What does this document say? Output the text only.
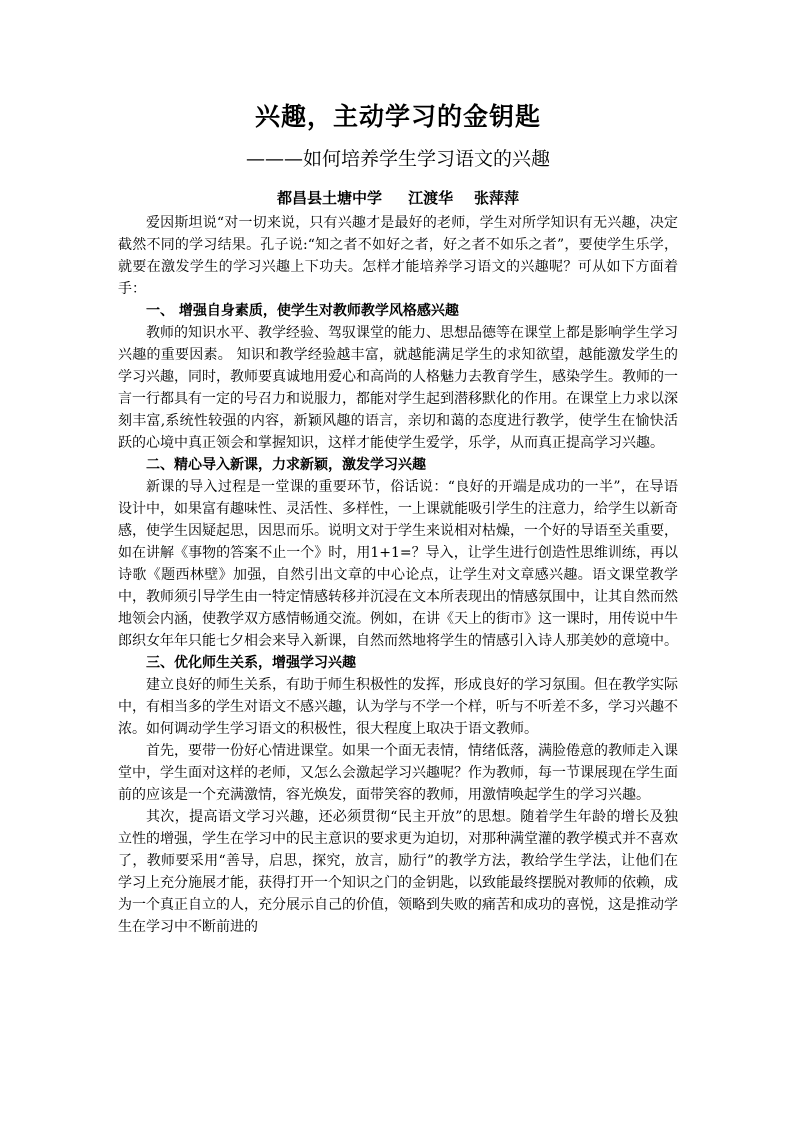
兴趣，主动学习的金钥匙

———如何培养学生学习语文的兴趣

都昌县土塘中学     江渡华    张萍萍

爱因斯坦说“对一切来说，只有兴趣才是最好的老师，学生对所学知识有无兴趣，决定截然不同的学习结果。孔子说:“知之者不如好之者，好之者不如乐之者”，要使学生乐学，就要在激发学生的学习兴趣上下功夫。怎样才能培养学习语文的兴趣呢？可从如下方面着手：

一、 增强自身素质，使学生对教师教学风格感兴趣

教师的知识水平、教学经验、驾驭课堂的能力、思想品德等在课堂上都是影响学生学习兴趣的重要因素。 知识和教学经验越丰富，就越能满足学生的求知欲望，越能激发学生的学习兴趣，同时，教师要真诚地用爱心和高尚的人格魅力去教育学生，感染学生。教师的一言一行都具有一定的号召力和说服力，都能对学生起到潜移默化的作用。在课堂上力求以深刻丰富,系统性较强的内容，新颖风趣的语言，亲切和蔼的态度进行教学，使学生在愉快活跃的心境中真正领会和掌握知识，这样才能使学生爱学，乐学，从而真正提高学习兴趣。

二、精心导入新课，力求新颖，激发学习兴趣

新课的导入过程是一堂课的重要环节，俗话说：“良好的开端是成功的一半”，在导语设计中，如果富有趣味性、灵活性、多样性，一上课就能吸引学生的注意力，给学生以新奇感，使学生因疑起思，因思而乐。说明文对于学生来说相对枯燥，一个好的导语至关重要，如在讲解《事物的答案不止一个》时，用1+1=？导入，让学生进行创造性思维训练，再以诗歌《题西林壁》加强，自然引出文章的中心论点，让学生对文章感兴趣。语文课堂教学中，教师须引导学生由一特定情感转移并沉浸在文本所表现出的情感氛围中，让其自然而然地领会内涵，使教学双方感情畅通交流。例如，在讲《天上的街市》这一课时，用传说中牛郎织女年年只能七夕相会来导入新课，自然而然地将学生的情感引入诗人那美妙的意境中。

三、优化师生关系，增强学习兴趣

建立良好的师生关系，有助于师生积极性的发挥，形成良好的学习氛围。但在教学实际中，有相当多的学生对语文不感兴趣，认为学与不学一个样，听与不听差不多，学习兴趣不浓。如何调动学生学习语文的积极性，很大程度上取决于语文教师。

首先，要带一份好心情进课堂。如果一个面无表情，情绪低落，满脸倦意的教师走入课堂中，学生面对这样的老师，又怎么会激起学习兴趣呢？作为教师，每一节课展现在学生面前的应该是一个充满激情，容光焕发，面带笑容的教师，用激情唤起学生的学习兴趣。

其次，提高语文学习兴趣，还必须贯彻“民主开放”的思想。随着学生年龄的增长及独立性的增强，学生在学习中的民主意识的要求更为迫切，对那种满堂灌的教学模式并不喜欢了，教师要采用“善导，启思，探究，放言，励行”的教学方法，教给学生学法，让他们在学习上充分施展才能，获得打开一个知识之门的金钥匙，以致能最终摆脱对教师的依赖，成为一个真正自立的人，充分展示自己的价值，领略到失败的痛苦和成功的喜悦，这是推动学生在学习中不断前进的
